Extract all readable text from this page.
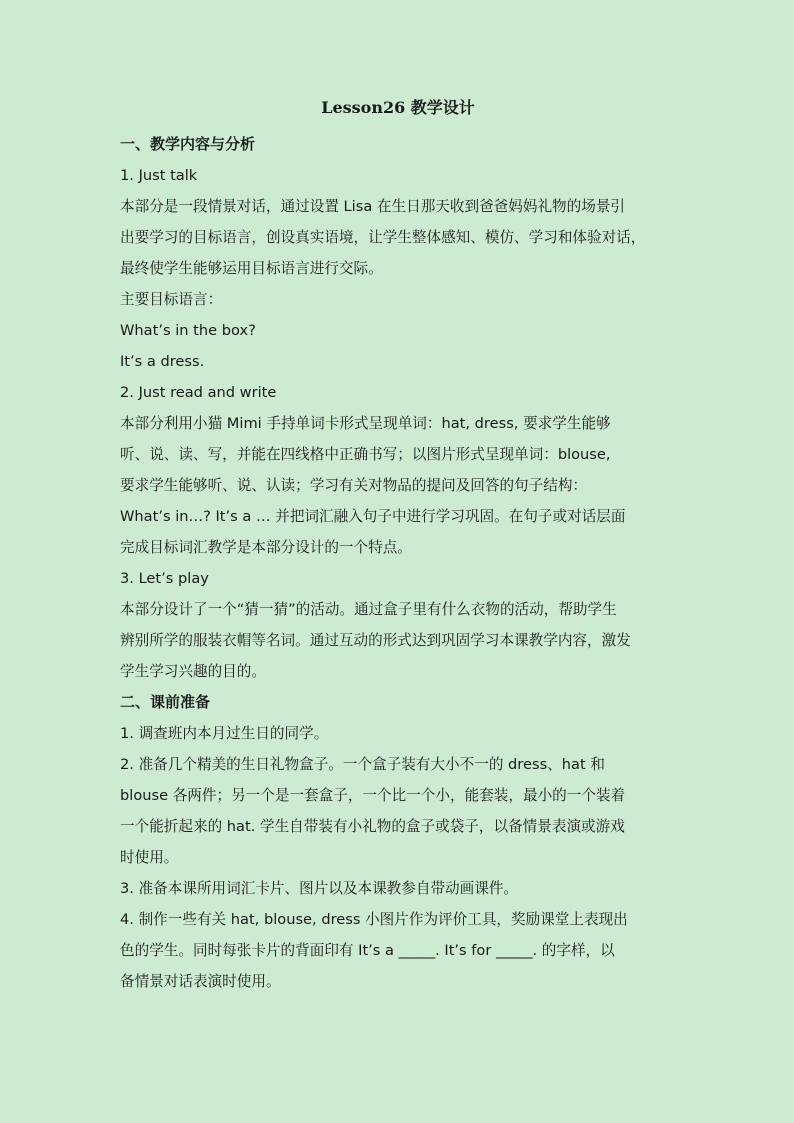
Lesson26 教学设计
一、教学内容与分析
1. Just talk
本部分是一段情景对话，通过设置 Lisa 在生日那天收到爸爸妈妈礼物的场景引
出要学习的目标语言，创设真实语境，让学生整体感知、模仿、学习和体验对话，
最终使学生能够运用目标语言进行交际。
主要目标语言：
What’s in the box?
It’s a dress.
2. Just read and write
本部分利用小猫 Mimi 手持单词卡形式呈现单词：hat, dress, 要求学生能够
听、说、读、写，并能在四线格中正确书写；以图片形式呈现单词：blouse,
要求学生能够听、说、认读；学习有关对物品的提问及回答的句子结构：
What’s in…? It’s a … 并把词汇融入句子中进行学习巩固。在句子或对话层面
完成目标词汇教学是本部分设计的一个特点。
3. Let’s play
本部分设计了一个“猜一猜”的活动。通过盒子里有什么衣物的活动，帮助学生
辨别所学的服装衣帽等名词。通过互动的形式达到巩固学习本课教学内容，激发
学生学习兴趣的目的。
二、课前准备
1. 调查班内本月过生日的同学。
2. 准备几个精美的生日礼物盒子。一个盒子装有大小不一的 dress、hat 和
blouse 各两件；另一个是一套盒子，一个比一个小，能套装，最小的一个装着
一个能折起来的 hat. 学生自带装有小礼物的盒子或袋子，以备情景表演或游戏
时使用。
3. 准备本课所用词汇卡片、图片以及本课教参自带动画课件。
4. 制作一些有关 hat, blouse, dress 小图片作为评价工具，奖励课堂上表现出
色的学生。同时每张卡片的背面印有 It’s a _____. It’s for _____. 的字样，以
备情景对话表演时使用。
